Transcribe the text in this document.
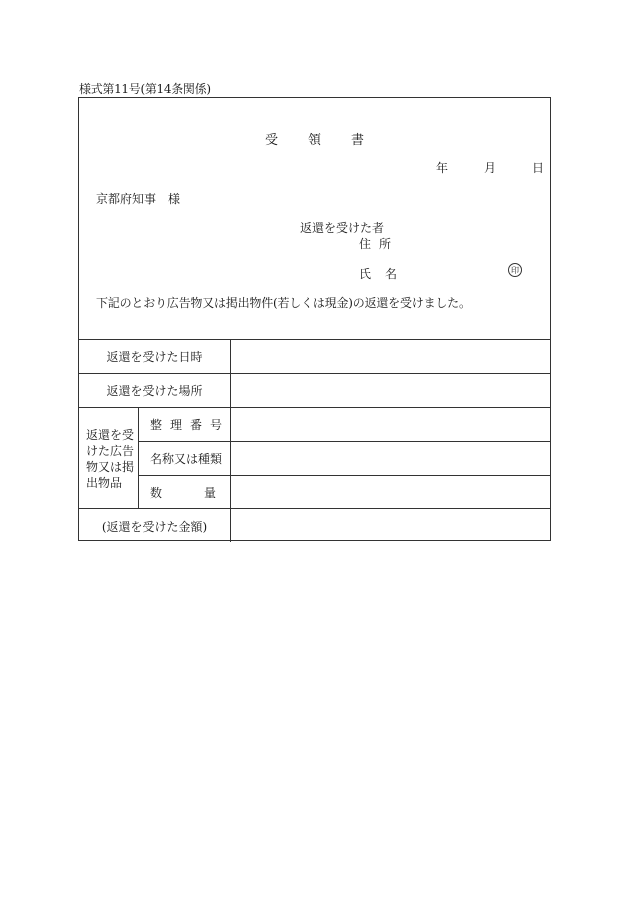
様式第11号(第14条関係)
受領書
年	月	日
京都府知事　様
返還を受けた者
住所
氏名	印
下記のとおり広告物又は掲出物件(若しくは現金)の返還を受けました。
返還を受けた日時
返還を受けた場所
返還を受けた広告物又は掲出物品
整理番号
名称又は種類
数	量
(返還を受けた金額)
